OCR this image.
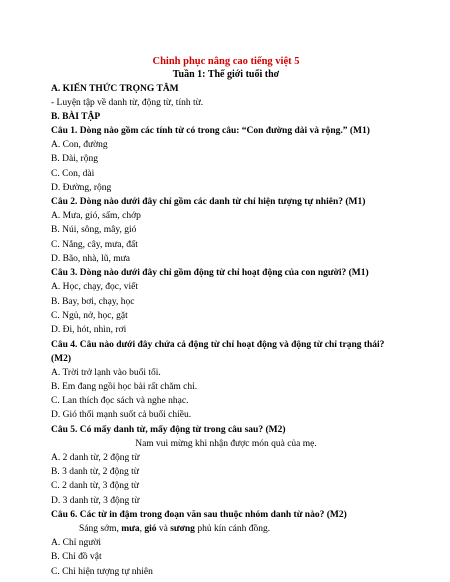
Chinh phục nâng cao tiếng việt 5
Tuần 1: Thế giới tuổi thơ
A. KIẾN THỨC TRỌNG TÂM
- Luyện tập về danh từ, động từ, tính từ.
B. BÀI TẬP
Câu 1. Dòng nào gồm các tính từ có trong câu: “Con đường dài và rộng.” (M1)
A. Con, đường
B. Dài, rộng
C. Con, dài
D. Đường, rộng
Câu 2. Dòng nào dưới đây chỉ gồm các danh từ chỉ hiện tượng tự nhiên? (M1)
A. Mưa, gió, sấm, chớp
B. Núi, sông, mây, gió
C. Nắng, cây, mưa, đất
D. Bão, nhà, lũ, mưa
Câu 3. Dòng nào dưới đây chỉ gồm động từ chỉ hoạt động của con người? (M1)
A. Học, chạy, đọc, viết
B. Bay, bơi, chạy, học
C. Ngủ, nở, học, gặt
D. Đi, hót, nhìn, rơi
Câu 4. Câu nào dưới đây chứa cả động từ chỉ hoạt động và động từ chỉ trạng thái? (M2)
A. Trời trở lạnh vào buổi tối.
B. Em đang ngồi học bài rất chăm chỉ.
C. Lan thích đọc sách và nghe nhạc.
D. Gió thổi mạnh suốt cả buổi chiều.
Câu 5. Có mấy danh từ, mấy động từ trong câu sau? (M2)
Nam vui mừng khi nhận được món quà của mẹ.
A. 2 danh từ, 2 động từ
B. 3 danh từ, 2 động từ
C. 2 danh từ, 3 động từ
D. 3 danh từ, 3 động từ
Câu 6. Các từ in đậm trong đoạn văn sau thuộc nhóm danh từ nào? (M2)
Sáng sớm, mưa, gió và sương phủ kín cánh đồng.
A. Chỉ người
B. Chỉ đồ vật
C. Chỉ hiện tượng tự nhiên
